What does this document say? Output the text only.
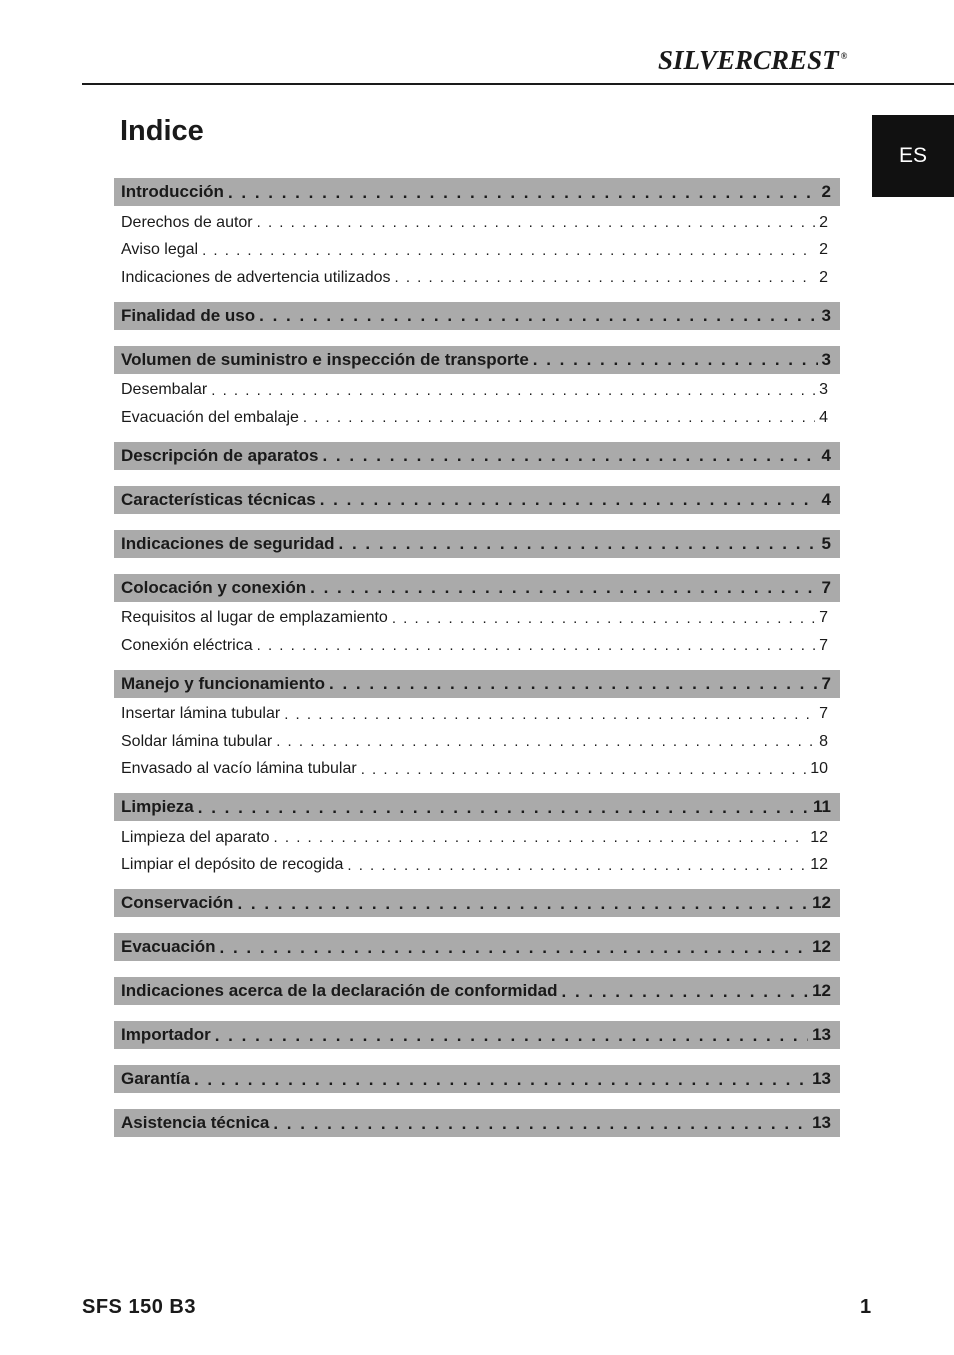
SILVERCREST ®
ES
Indice
Introducción . . .	2
Derechos de autor . . .	2
Aviso legal . . .	2
Indicaciones de advertencia utilizados . . .	2
Finalidad de uso . . .	3
Volumen de suministro e inspección de transporte . . .	3
Desembalar . . .	3
Evacuación del embalaje . . .	4
Descripción de aparatos . . .	4
Características técnicas . . .	4
Indicaciones de seguridad . . .	5
Colocación y conexión . . .	7
Requisitos al lugar de emplazamiento . . .	7
Conexión eléctrica . . .	7
Manejo y funcionamiento . . .	7
Insertar lámina tubular . . .	7
Soldar lámina tubular . . .	8
Envasado al vacío lámina tubular . . .	10
Limpieza . . .	11
Limpieza del aparato . . .	12
Limpiar el depósito de recogida . . .	12
Conservación . . .	12
Evacuación . . .	12
Indicaciones acerca de la declaración de conformidad . . .	12
Importador . . .	13
Garantía . . .	13
Asistencia técnica . . .	13
SFS 150 B3	1
